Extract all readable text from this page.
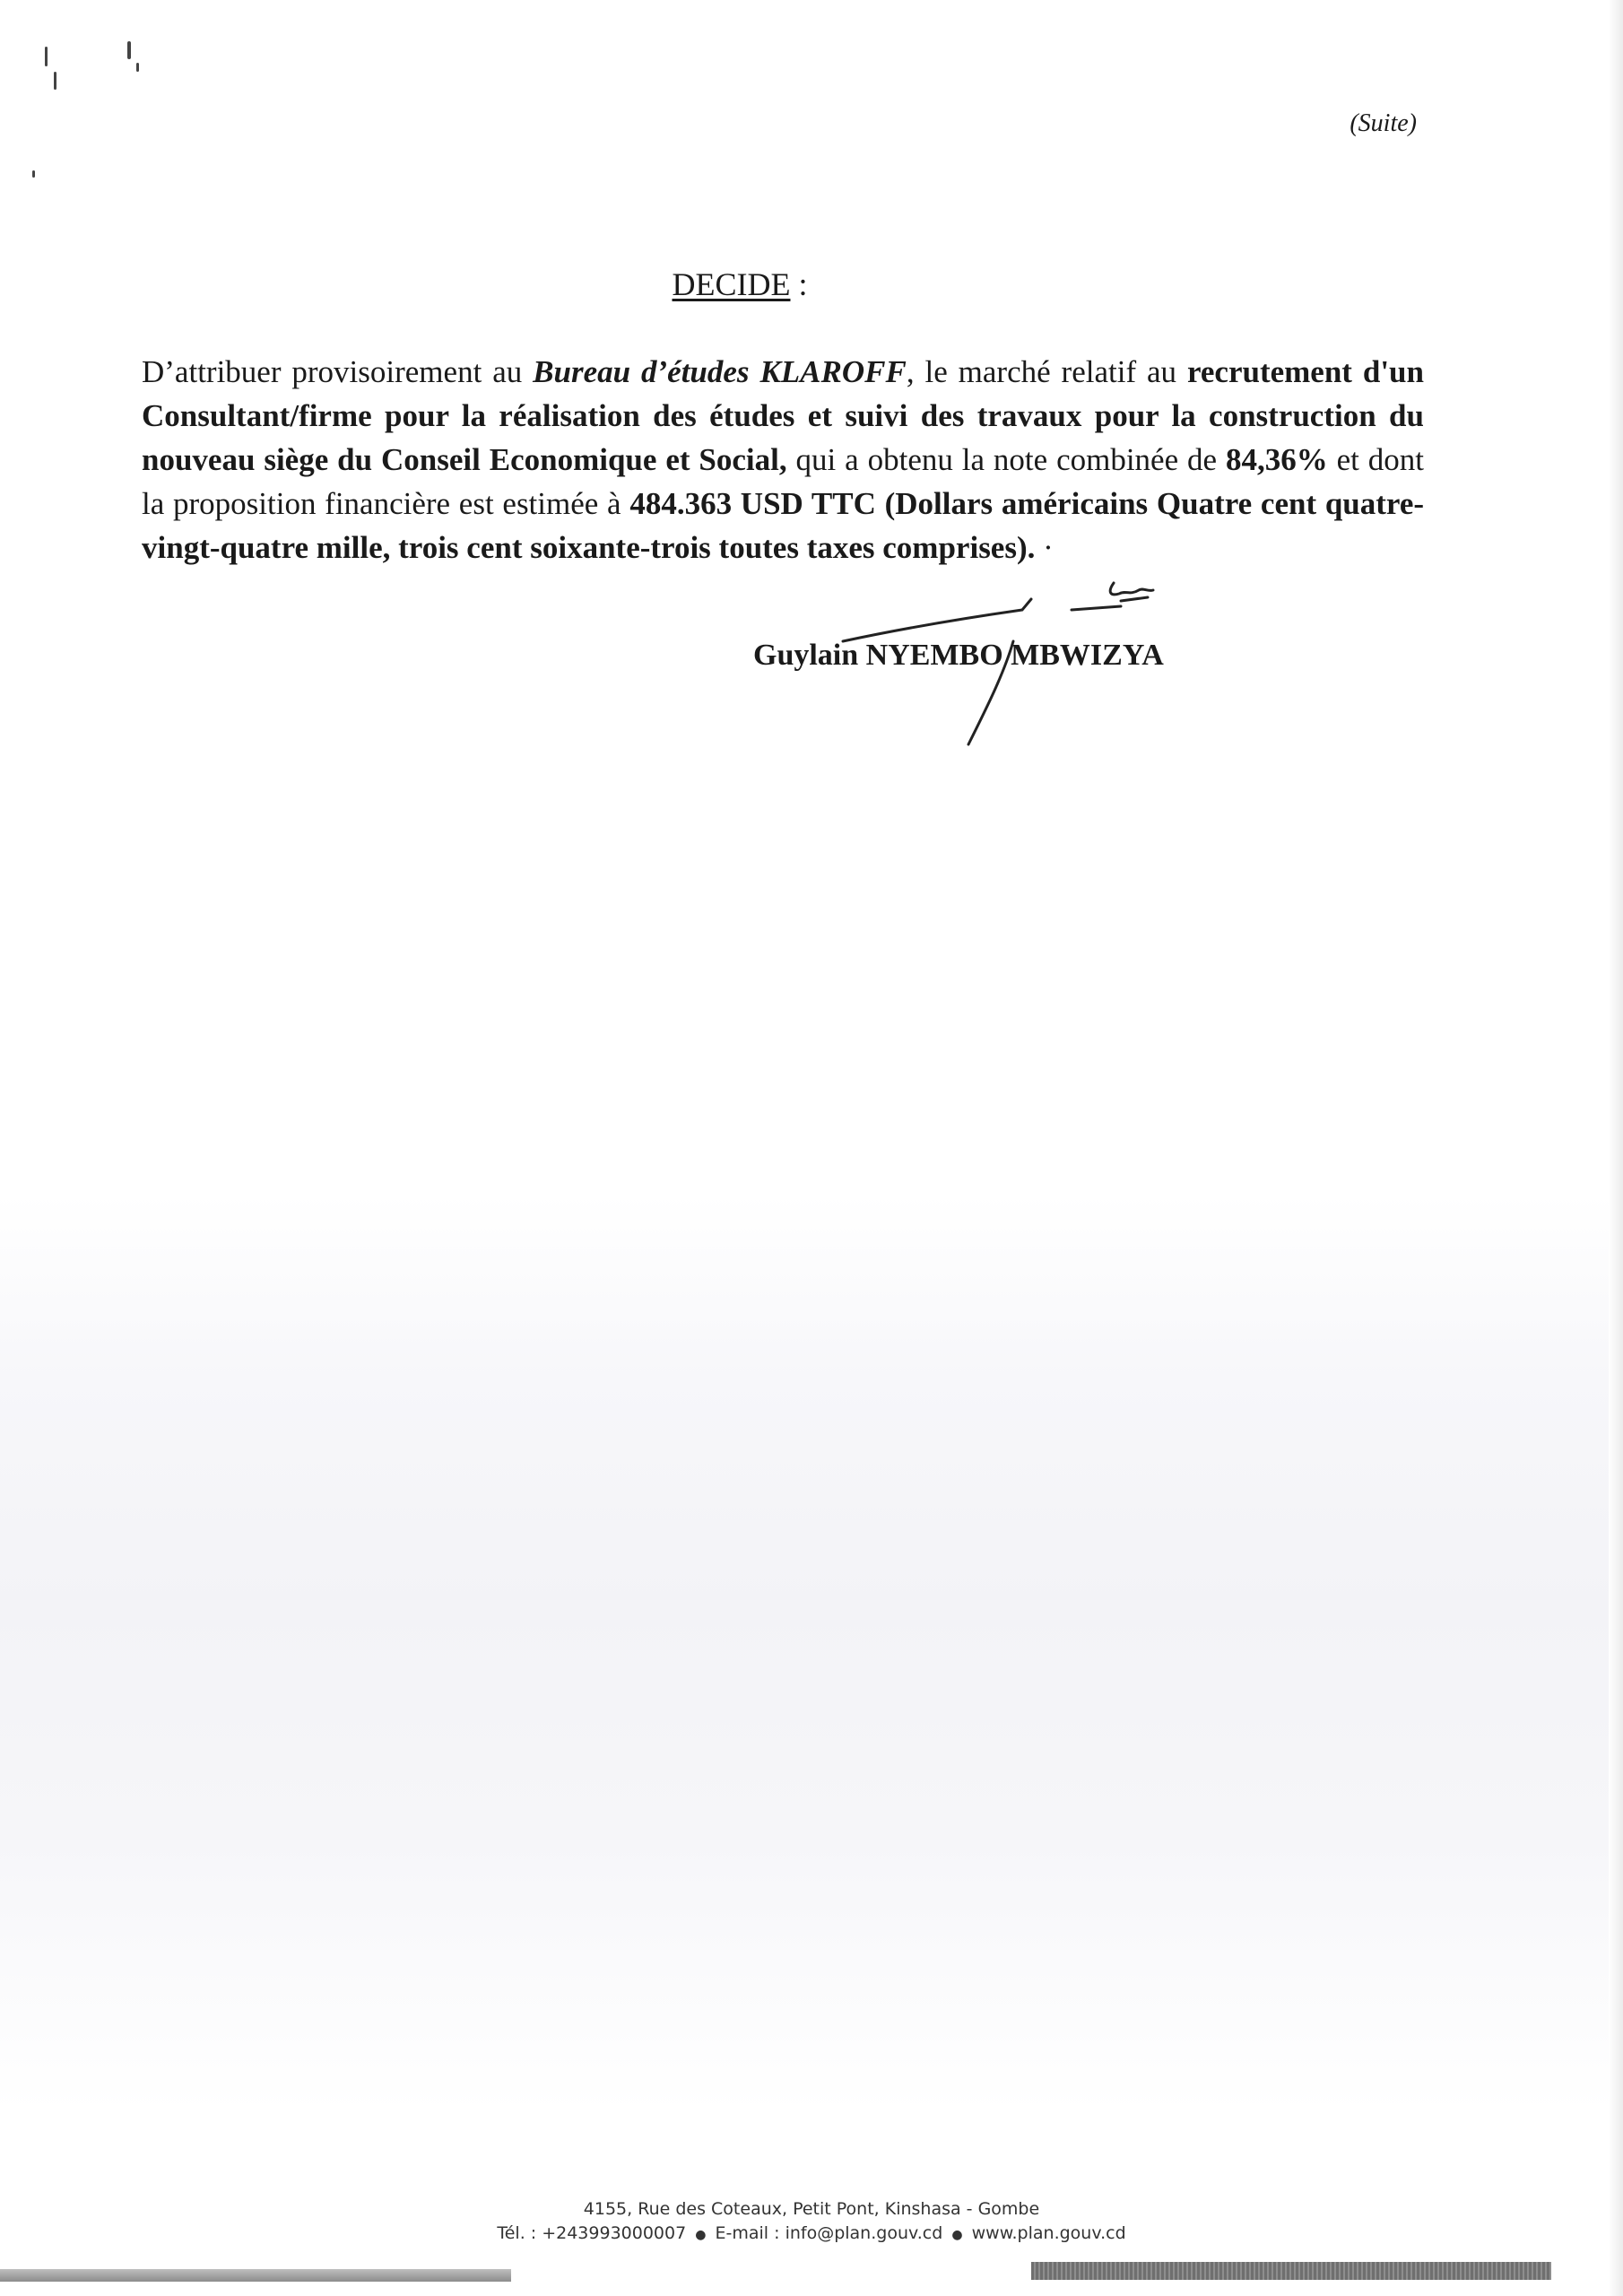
(Suite)
DECIDE :
D’attribuer provisoirement au Bureau d’études KLAROFF, le marché relatif au recrutement d'un Consultant/firme pour la réalisation des études et suivi des travaux pour la construction du nouveau siège du Conseil Economique et Social, qui a obtenu la note combinée de 84,36% et dont la proposition financière est estimée à 484.363 USD TTC (Dollars américains Quatre cent quatre-vingt-quatre mille, trois cent soixante-trois toutes taxes comprises). ·
Guylain NYEMBO MBWIZYA
4155, Rue des Coteaux, Petit Pont, Kinshasa - Gombe
Tél. : +243993000007 ● E-mail : info@plan.gouv.cd ● www.plan.gouv.cd
